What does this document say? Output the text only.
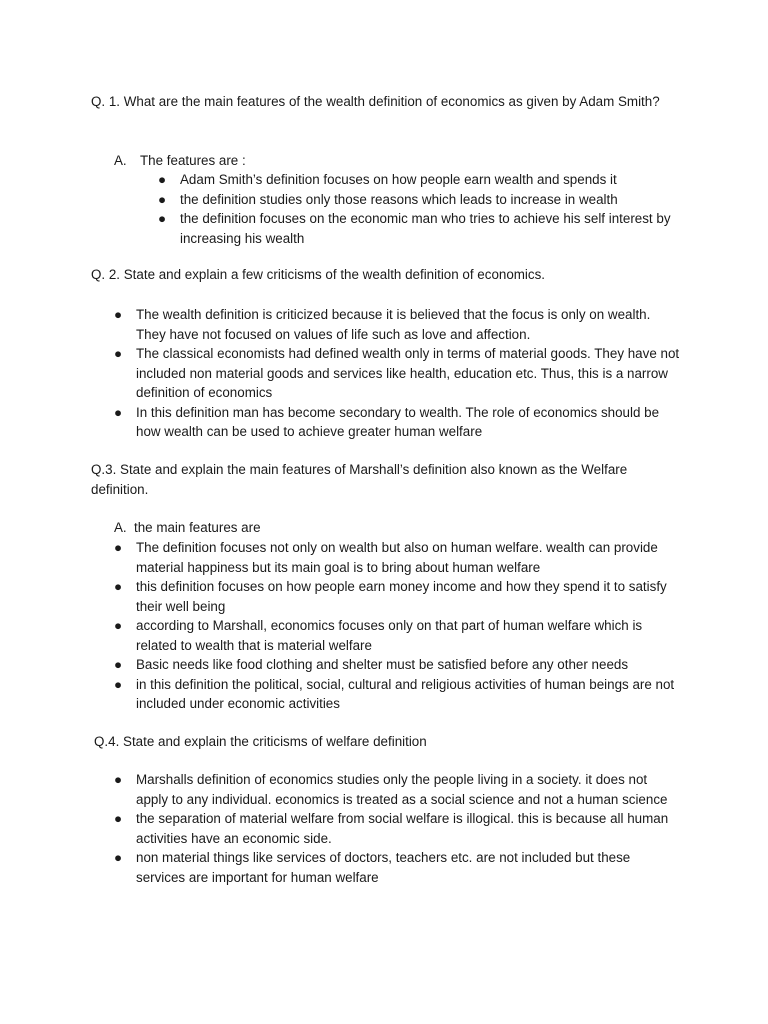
Q. 1. What are the main features of the wealth definition of economics as given by Adam Smith?

A. The features are :

● Adam Smith’s definition focuses on how people earn wealth and spends it
● the definition studies only those reasons which leads to increase in wealth
● the definition focuses on the economic man who tries to achieve his self interest by increasing his wealth

Q. 2. State and explain a few criticisms of the wealth definition of economics.

● The wealth definition is criticized because it is believed that the focus is only on wealth. They have not focused on values of life such as love and affection.
● The classical economists had defined wealth only in terms of material goods. They have not included non material goods and services like health, education etc. Thus, this is a narrow definition of economics
● In this definition man has become secondary to wealth. The role of economics should be how wealth can be used to achieve greater human welfare

Q.3. State and explain the main features of Marshall’s definition also known as the Welfare definition.

A. the main features are

● The definition focuses not only on wealth but also on human welfare. wealth can provide material happiness but its main goal is to bring about human welfare
● this definition focuses on how people earn money income and how they spend it to satisfy their well being
● according to Marshall, economics focuses only on that part of human welfare which is related to wealth that is material welfare
● Basic needs like food clothing and shelter must be satisfied before any other needs
● in this definition the political, social, cultural and religious activities of human beings are not included under economic activities

Q.4. State and explain the criticisms of welfare definition

● Marshalls definition of economics studies only the people living in a society. it does not apply to any individual. economics is treated as a social science and not a human science
● the separation of material welfare from social welfare is illogical. this is because all human activities have an economic side.
● non material things like services of doctors, teachers etc. are not included but these services are important for human welfare
